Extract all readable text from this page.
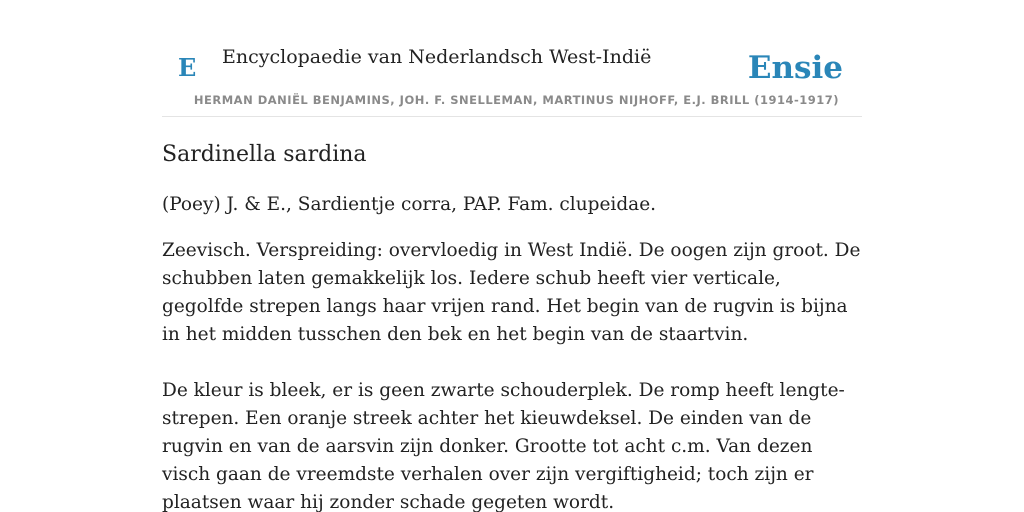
E Encyclopaedie van Nederlandsch West-Indië	Ensie
HERMAN DANIËL BENJAMINS, JOH. F. SNELLEMAN, MARTINUS NIJHOFF, E.J. BRILL (1914-1917)
Sardinella sardina

(Poey) J. & E., Sardientje corra, PAP. Fam. clupeidae.

Zeevisch. Verspreiding: overvloedig in West Indië. De oogen zijn groot. De schubben laten gemakkelijk los. Iedere schub heeft vier verticale, gegolfde strepen langs haar vrijen rand. Het begin van de rugvin is bijna in het midden tusschen den bek en het begin van de staartvin.

De kleur is bleek, er is geen zwarte schouderplek. De romp heeft lengte-strepen. Een oranje streek achter het kieuwdeksel. De einden van de rugvin en van de aarsvin zijn donker. Grootte tot acht c.m. Van dezen visch gaan de vreemdste verhalen over zijn vergiftigheid; toch zijn er plaatsen waar hij zonder schade gegeten wordt.
